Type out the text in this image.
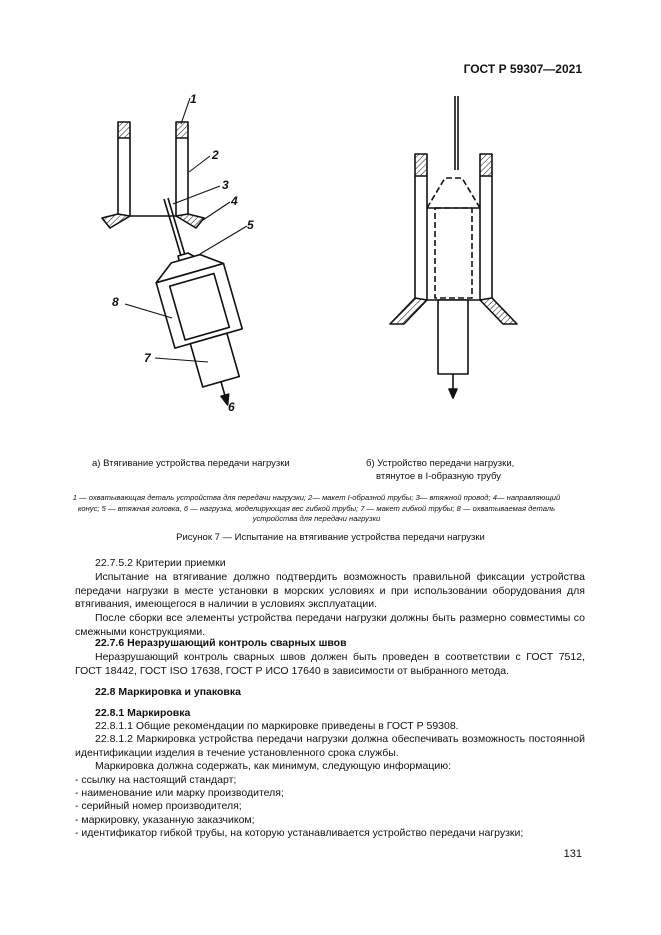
ГОСТ Р 59307—2021
1
2
3
4
5
6
7
8
а) Втягивание устройства передачи нагрузки	б) Устройство передачи нагрузки,
втянутое в I-образную трубу
1 — охватывающая деталь устройства для передачи нагрузки; 2— макет I-образной трубы; 3— втяжной провод; 4— направляющий
конус; 5 — втяжная головка, 6 — нагрузка, моделирующая вес гибкой трубы; 7 — макет гибкой трубы; 8 — охватываемая деталь
устройства для передачи нагрузки
Рисунок 7 — Испытание на втягивание устройства передачи нагрузки
22.7.5.2 Критерии приемки
Испытание на втягивание должно подтвердить возможность правильной фиксации устройства передачи нагрузки в месте установки в морских условиях и при использовании оборудования для втягивания, имеющегося в наличии в условиях эксплуатации.
После сборки все элементы устройства передачи нагрузки должны быть размерно совместимы со смежными конструкциями.
22.7.6 Неразрушающий контроль сварных швов
Неразрушающий контроль сварных швов должен быть проведен в соответствии с ГОСТ 7512, ГОСТ 18442, ГОСТ ISO 17638, ГОСТ Р ИСО 17640 в зависимости от выбранного метода.
22.8 Маркировка и упаковка
22.8.1 Маркировка
22.8.1.1 Общие рекомендации по маркировке приведены в ГОСТ Р 59308.
22.8.1.2 Маркировка устройства передачи нагрузки должна обеспечивать возможность постоянной идентификации изделия в течение установленного срока службы.
Маркировка должна содержать, как минимум, следующую информацию:
- ссылку на настоящий стандарт;
- наименование или марку производителя;
- серийный номер производителя;
- маркировку, указанную заказчиком;
- идентификатор гибкой трубы, на которую устанавливается устройство передачи нагрузки;
131
